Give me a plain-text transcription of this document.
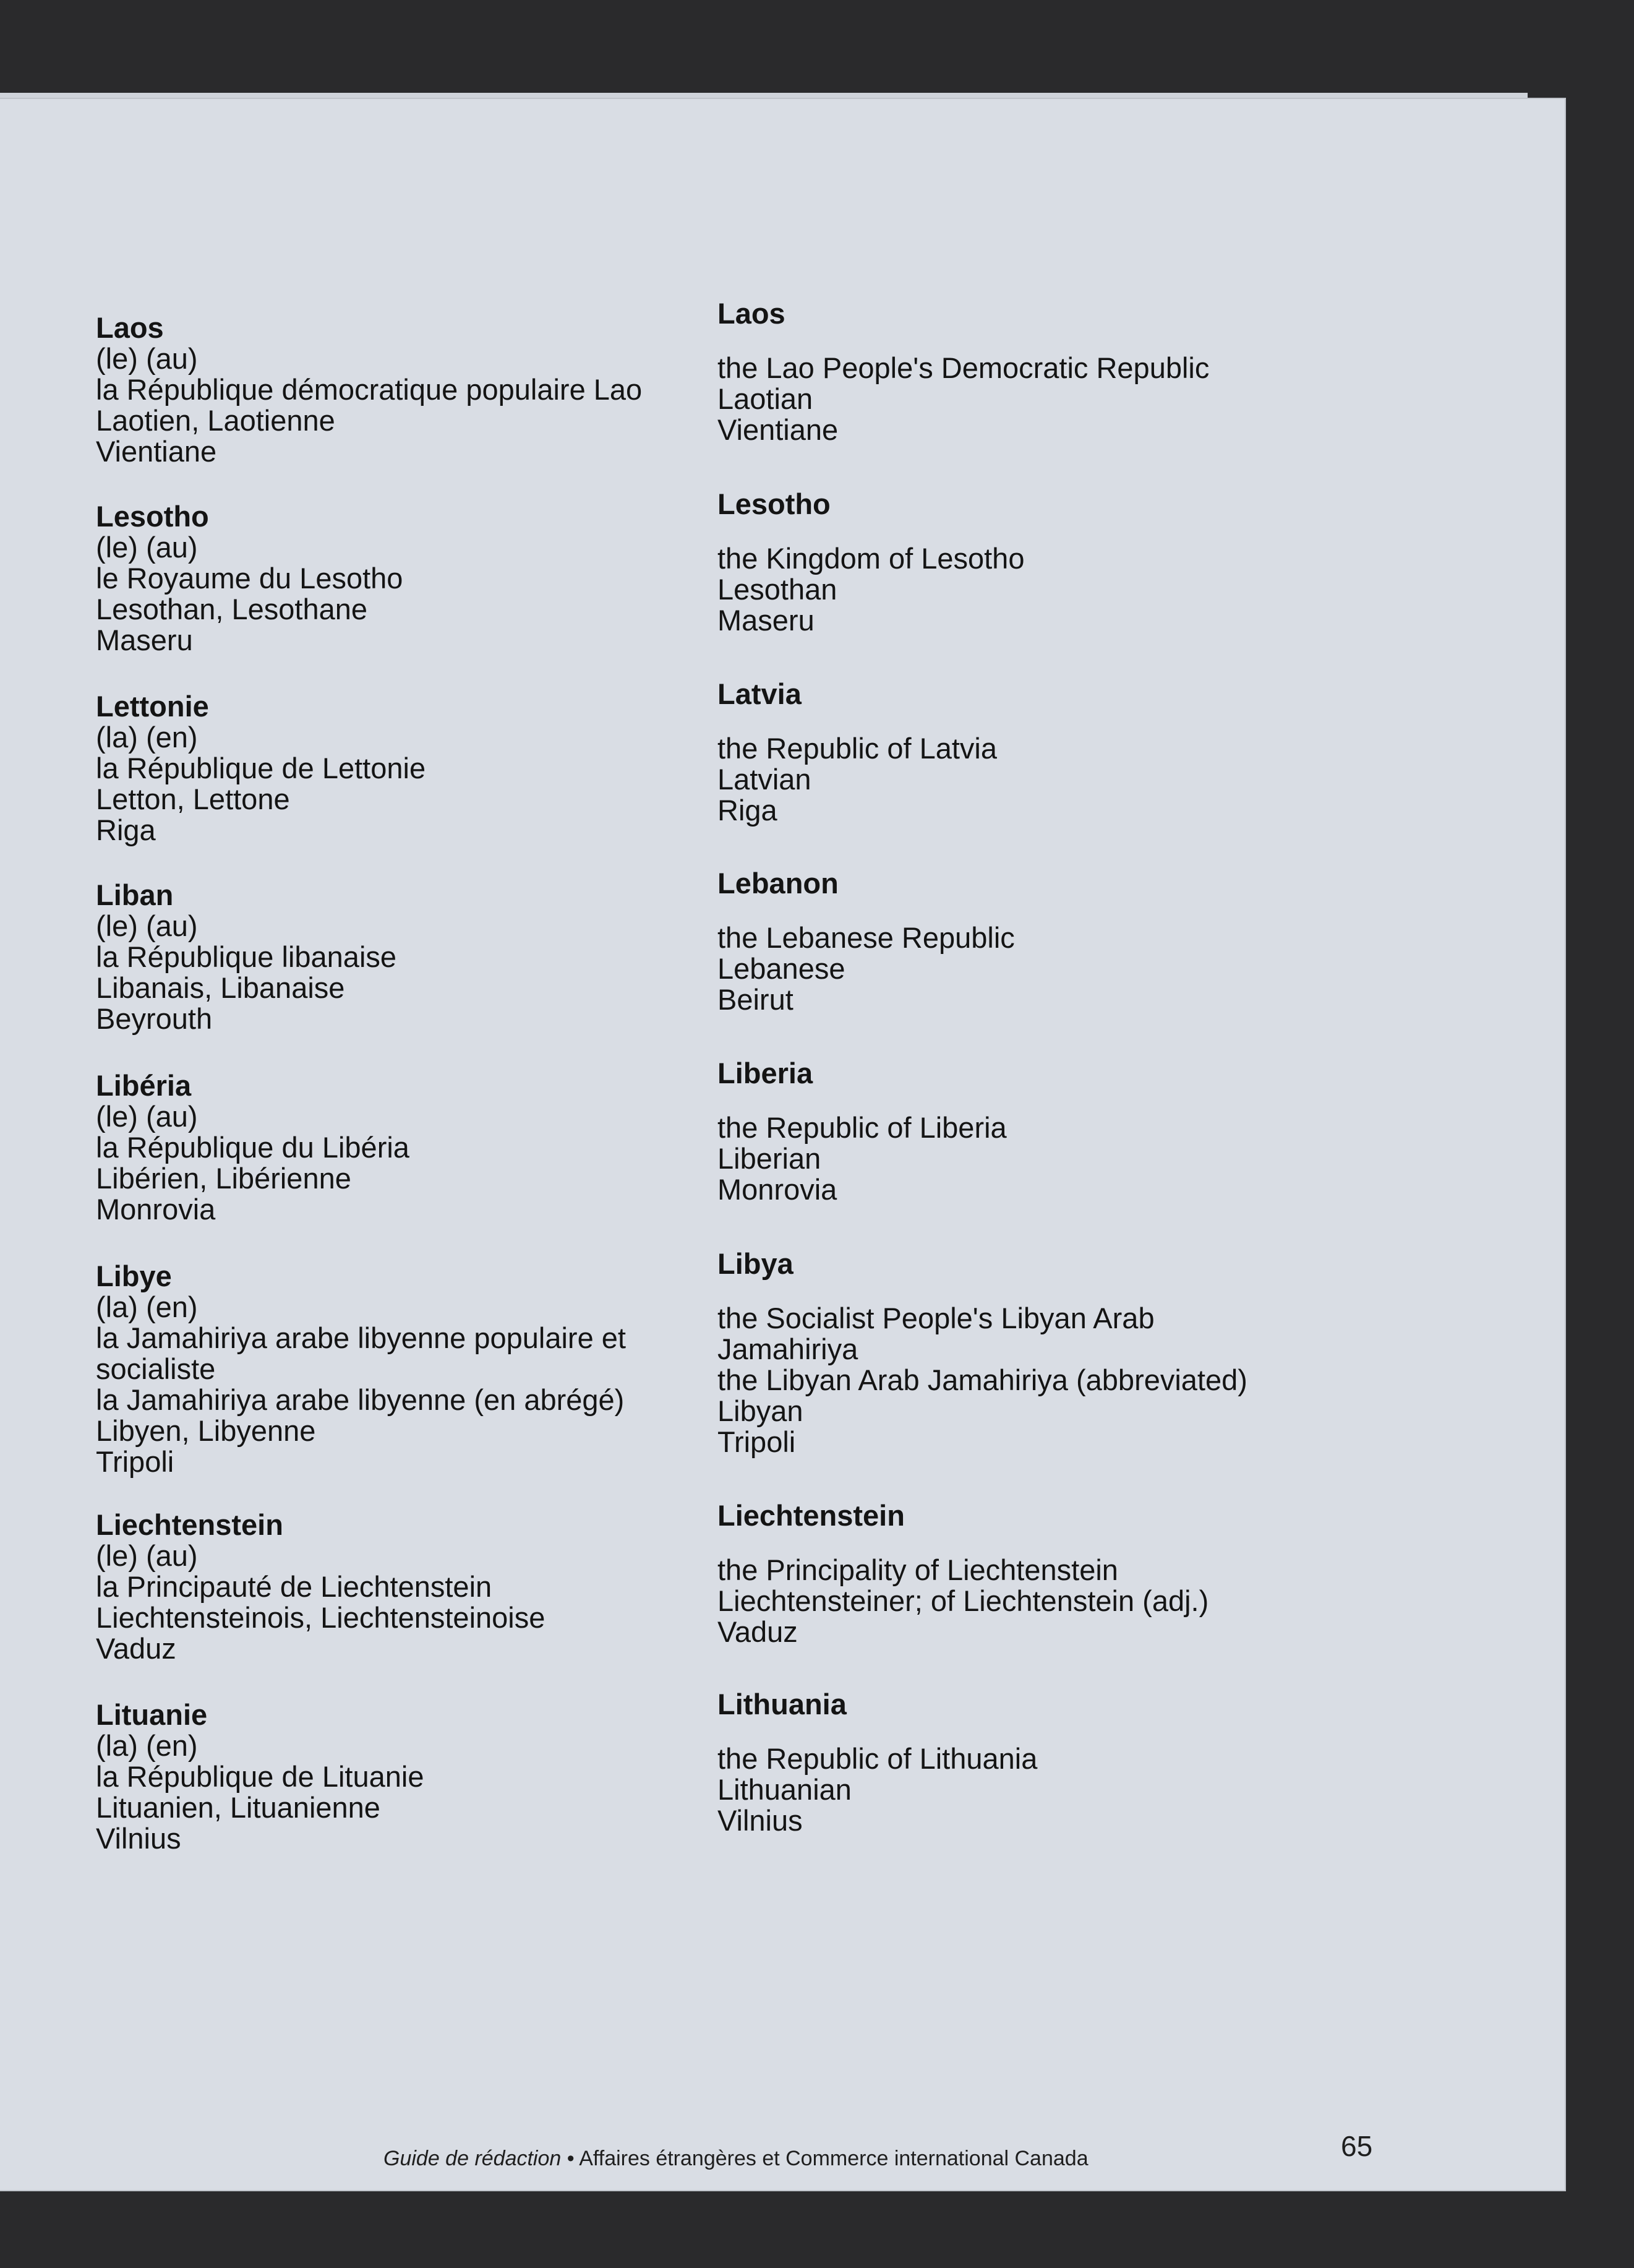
Laos
(le) (au)
la République démocratique populaire Lao
Laotien, Laotienne
Vientiane
Lesotho
(le) (au)
le Royaume du Lesotho
Lesothan, Lesothane
Maseru
Lettonie
(la) (en)
la République de Lettonie
Letton, Lettone
Riga
Liban
(le) (au)
la République libanaise
Libanais, Libanaise
Beyrouth
Libéria
(le) (au)
la République du Libéria
Libérien, Libérienne
Monrovia
Libye
(la) (en)
la Jamahiriya arabe libyenne populaire et
socialiste
la Jamahiriya arabe libyenne (en abrégé)
Libyen, Libyenne
Tripoli
Liechtenstein
(le) (au)
la Principauté de Liechtenstein
Liechtensteinois, Liechtensteinoise
Vaduz
Lituanie
(la) (en)
la République de Lituanie
Lituanien, Lituanienne
Vilnius
Laos
the Lao People's Democratic Republic
Laotian
Vientiane
Lesotho
the Kingdom of Lesotho
Lesothan
Maseru
Latvia
the Republic of Latvia
Latvian
Riga
Lebanon
the Lebanese Republic
Lebanese
Beirut
Liberia
the Republic of Liberia
Liberian
Monrovia
Libya
the Socialist People's Libyan Arab
Jamahiriya
the Libyan Arab Jamahiriya (abbreviated)
Libyan
Tripoli
Liechtenstein
the Principality of Liechtenstein
Liechtensteiner; of Liechtenstein (adj.)
Vaduz
Lithuania
the Republic of Lithuania
Lithuanian
Vilnius
Guide de rédaction • Affaires étrangères et Commerce international Canada	65
